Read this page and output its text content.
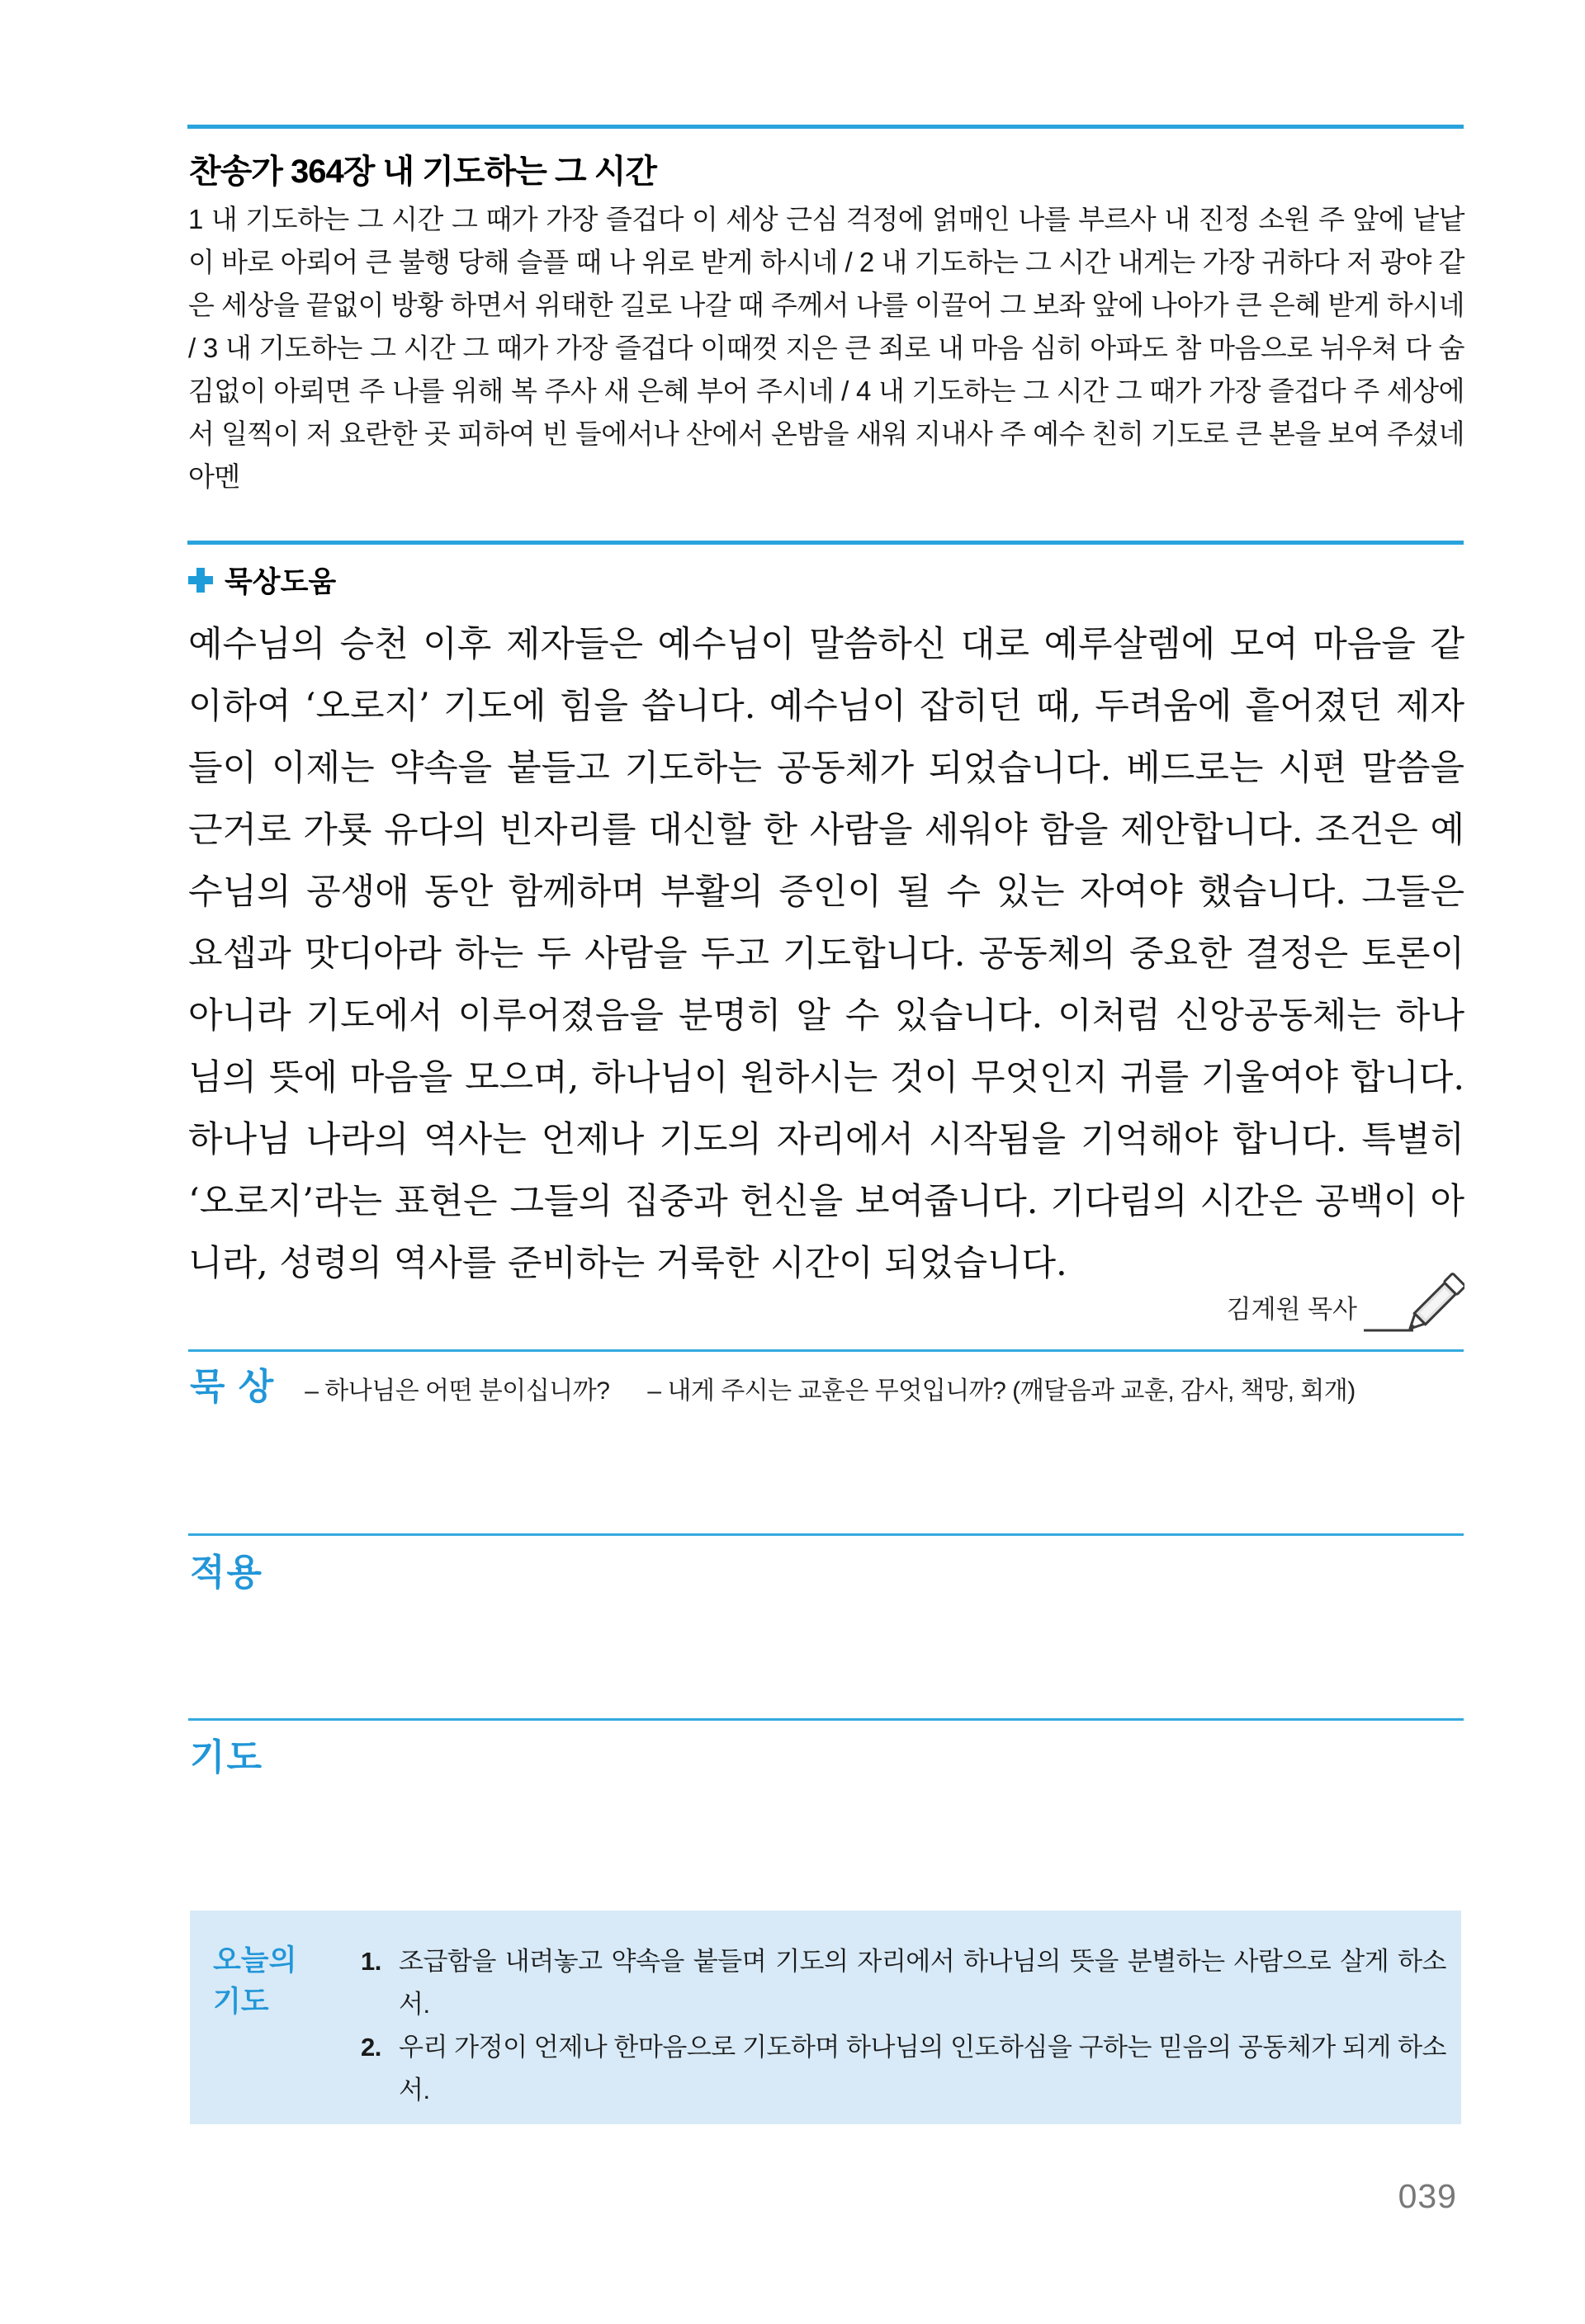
찬송가 364장 내 기도하는 그 시간
1 내 기도하는 그 시간 그 때가 가장 즐겁다 이 세상 근심 걱정에 얽매인 나를 부르사 내 진정 소원 주 앞에 낱낱이 바로 아뢰어 큰 불행 당해 슬플 때 나 위로 받게 하시네 / 2 내 기도하는 그 시간 내게는 가장 귀하다 저 광야 같은 세상을 끝없이 방황 하면서 위태한 길로 나갈 때 주께서 나를 이끌어 그 보좌 앞에 나아가 큰 은혜 받게 하시네 / 3 내 기도하는 그 시간 그 때가 가장 즐겁다 이때껏 지은 큰 죄로 내 마음 심히 아파도 참 마음으로 뉘우쳐 다 숨김없이 아뢰면 주 나를 위해 복 주사 새 은혜 부어 주시네 / 4 내 기도하는 그 시간 그 때가 가장 즐겁다 주 세상에서 일찍이 저 요란한 곳 피하여 빈 들에서나 산에서 온밤을 새워 지내사 주 예수 친히 기도로 큰 본을 보여 주셨네 아멘
묵상도움
예수님의 승천 이후 제자들은 예수님이 말씀하신 대로 예루살렘에 모여 마음을 같이하여 ‘오로지’ 기도에 힘을 씁니다. 예수님이 잡히던 때, 두려움에 흩어졌던 제자들이 이제는 약속을 붙들고 기도하는 공동체가 되었습니다. 베드로는 시편 말씀을 근거로 가룟 유다의 빈자리를 대신할 한 사람을 세워야 함을 제안합니다. 조건은 예수님의 공생애 동안 함께하며 부활의 증인이 될 수 있는 자여야 했습니다. 그들은 요셉과 맛디아라 하는 두 사람을 두고 기도합니다. 공동체의 중요한 결정은 토론이 아니라 기도에서 이루어졌음을 분명히 알 수 있습니다. 이처럼 신앙공동체는 하나님의 뜻에 마음을 모으며, 하나님이 원하시는 것이 무엇인지 귀를 기울여야 합니다. 하나님 나라의 역사는 언제나 기도의 자리에서 시작됨을 기억해야 합니다. 특별히 ‘오로지’라는 표현은 그들의 집중과 헌신을 보여줍니다. 기다림의 시간은 공백이 아니라, 성령의 역사를 준비하는 거룩한 시간이 되었습니다.
김계원 목사
묵 상 – 하나님은 어떤 분이십니까? – 내게 주시는 교훈은 무엇입니까? (깨달음과 교훈, 감사, 책망, 회개)
적용
기도
오늘의
기도
1. 조급함을 내려놓고 약속을 붙들며 기도의 자리에서 하나님의 뜻을 분별하는 사람으로 살게 하소서.
2. 우리 가정이 언제나 한마음으로 기도하며 하나님의 인도하심을 구하는 믿음의 공동체가 되게 하소서.
039
